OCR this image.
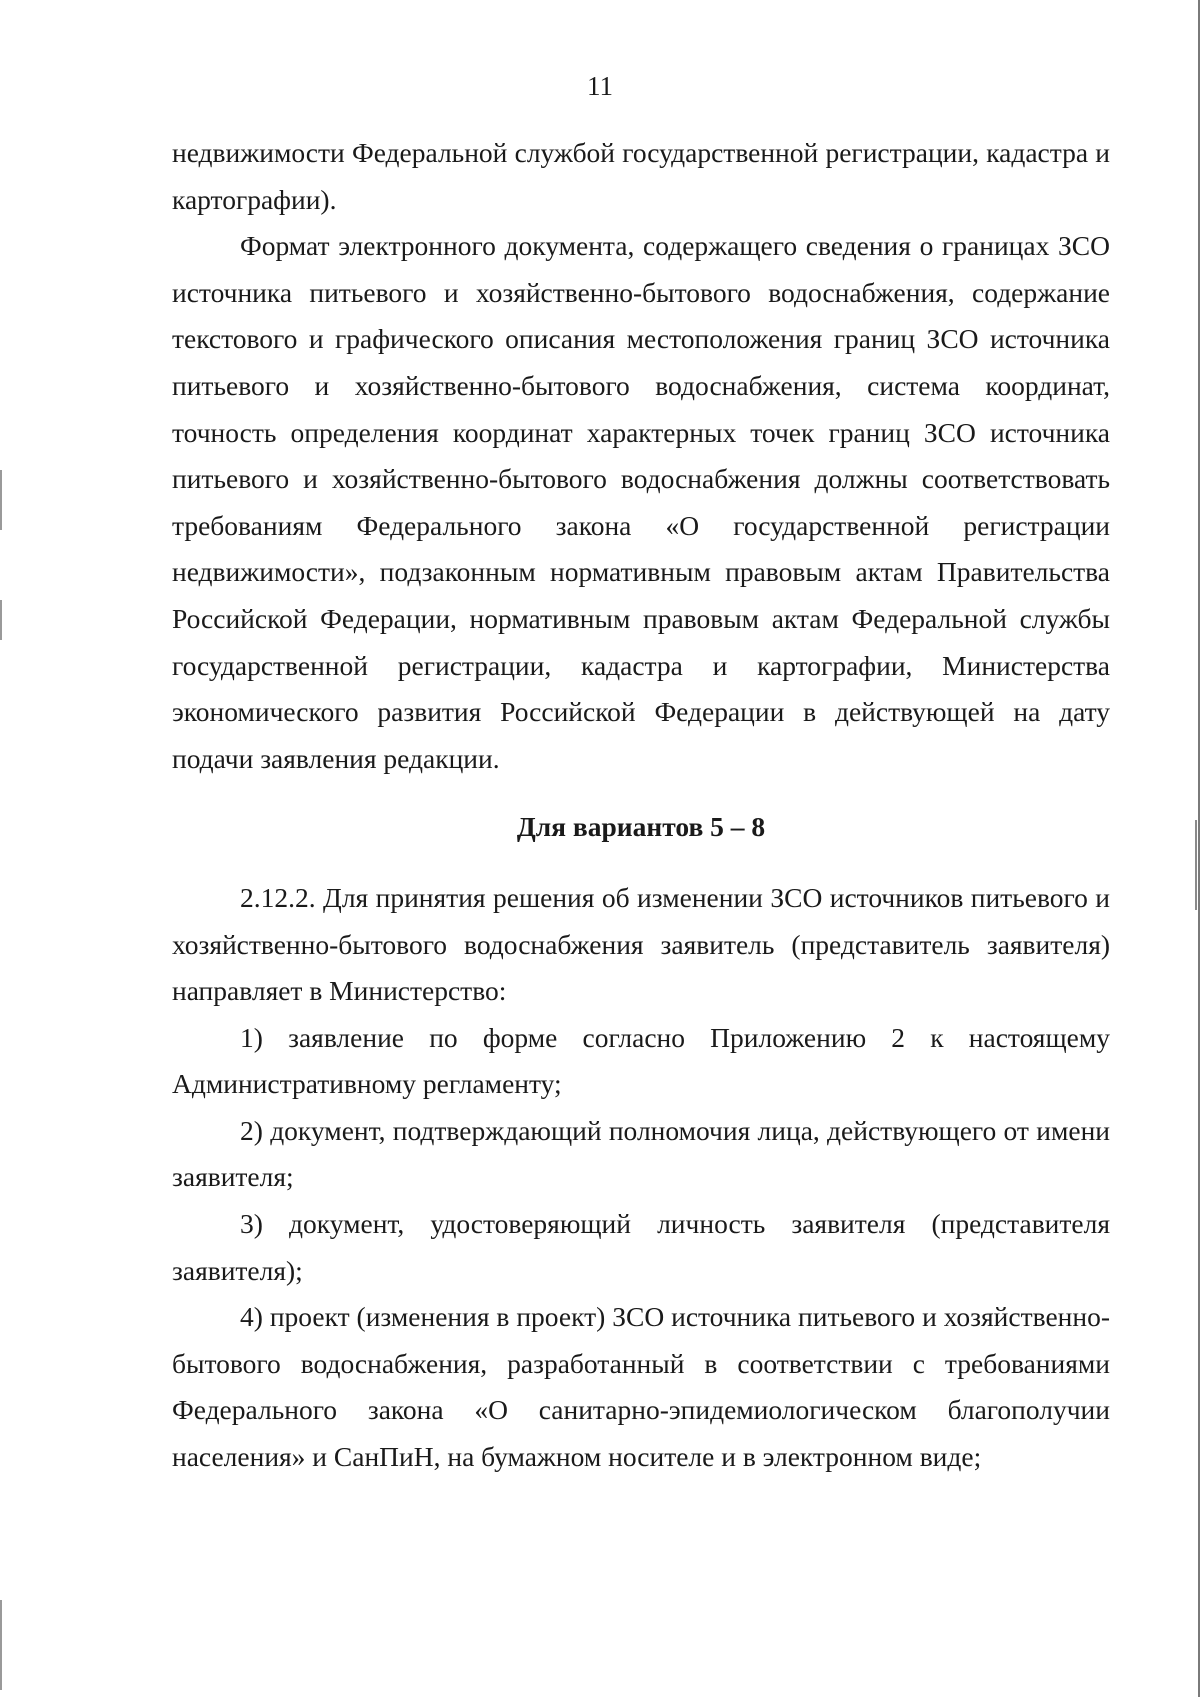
11

недвижимости Федеральной службой государственной регистрации, кадастра и картографии).

Формат электронного документа, содержащего сведения о границах ЗСО источника питьевого и хозяйственно-бытового водоснабжения, содержание текстового и графического описания местоположения границ ЗСО источника питьевого и хозяйственно-бытового водоснабжения, система координат, точность определения координат характерных точек границ ЗСО источника питьевого и хозяйственно-бытового водоснабжения должны соответствовать требованиям Федерального закона «О государственной регистрации недвижимости», подзаконным нормативным правовым актам Правительства Российской Федерации, нормативным правовым актам Федеральной службы государственной регистрации, кадастра и картографии, Министерства экономического развития Российской Федерации в действующей на дату подачи заявления редакции.

Для вариантов 5 – 8

2.12.2. Для принятия решения об изменении ЗСО источников питьевого и хозяйственно-бытового водоснабжения заявитель (представитель заявителя) направляет в Министерство:

1) заявление по форме согласно Приложению 2 к настоящему Административному регламенту;

2) документ, подтверждающий полномочия лица, действующего от имени заявителя;

3) документ, удостоверяющий личность заявителя (представителя заявителя);

4) проект (изменения в проект) ЗСО источника питьевого и хозяйственно-бытового водоснабжения, разработанный в соответствии с требованиями Федерального закона «О санитарно-эпидемиологическом благополучии населения» и СанПиН, на бумажном носителе и в электронном виде;
